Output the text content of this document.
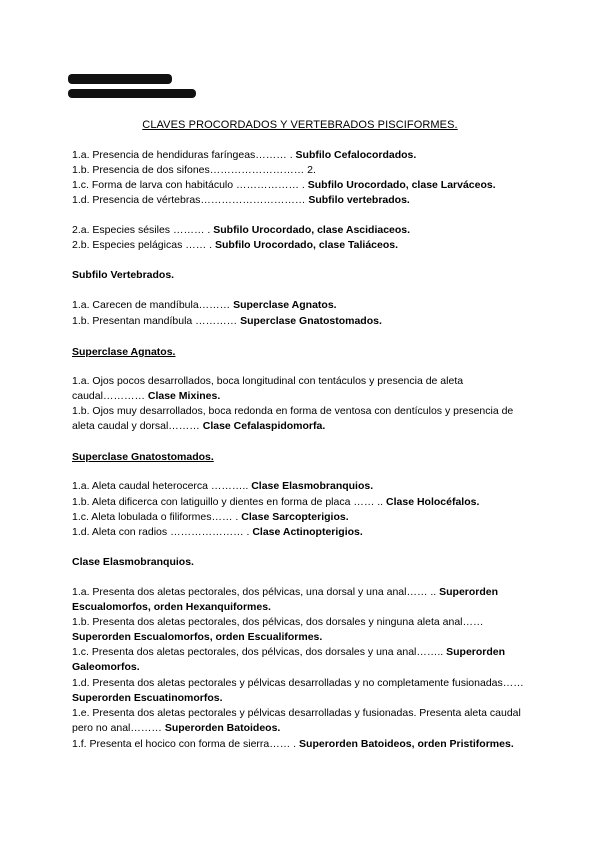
CLAVES PROCORDADOS Y VERTEBRADOS PISCIFORMES.
1.a. Presencia de hendiduras faríngeas……… . Subfilo Cefalocordados.
1.b. Presencia de dos sifones……………………… 2.
1.c. Forma de larva con habitáculo ……………… . Subfilo Urocordado, clase Larváceos.
1.d. Presencia de vértebras………………………… Subfilo vertebrados.
2.a. Especies sésiles ……… . Subfilo Urocordado, clase Ascidiaceos.
2.b. Especies pelágicas …… . Subfilo Urocordado, clase Taliáceos.
Subfilo Vertebrados.
1.a. Carecen de mandíbula……… Superclase Agnatos.
1.b. Presentan mandíbula ………… Superclase Gnatostomados.
Superclase Agnatos.
1.a. Ojos pocos desarrollados, boca longitudinal con tentáculos y presencia de aleta caudal………… Clase Mixines.
1.b. Ojos muy desarrollados, boca redonda en forma de ventosa con dentículos y presencia de aleta caudal y dorsal……… Clase Cefalaspidomorfa.
Superclase Gnatostomados.
1.a. Aleta caudal heterocerca ……….. Clase Elasmobranquios.
1.b. Aleta dificerca con latiguillo y dientes en forma de placa …… .. Clase Holocéfalos.
1.c. Aleta lobulada o filiformes…… . Clase Sarcopterigios.
1.d. Aleta con radios ………………… . Clase Actinopterigios.
Clase Elasmobranquios.
1.a. Presenta dos aletas pectorales, dos pélvicas, una dorsal y una anal…… .. Superorden Escualomorfos, orden Hexanquiformes.
1.b. Presenta dos aletas pectorales, dos pélvicas, dos dorsales y ninguna aleta anal…… Superorden Escualomorfos, orden Escualiformes.
1.c. Presenta dos aletas pectorales, dos pélvicas, dos dorsales y una anal…….. Superorden Galeomorfos.
1.d. Presenta dos aletas pectorales y pélvicas desarrolladas y no completamente fusionadas…… Superorden Escuatinomorfos.
1.e. Presenta dos aletas pectorales y pélvicas desarrolladas y fusionadas. Presenta aleta caudal pero no anal……… Superorden Batoideos.
1.f. Presenta el hocico con forma de sierra…… . Superorden Batoideos, orden Pristiformes.
